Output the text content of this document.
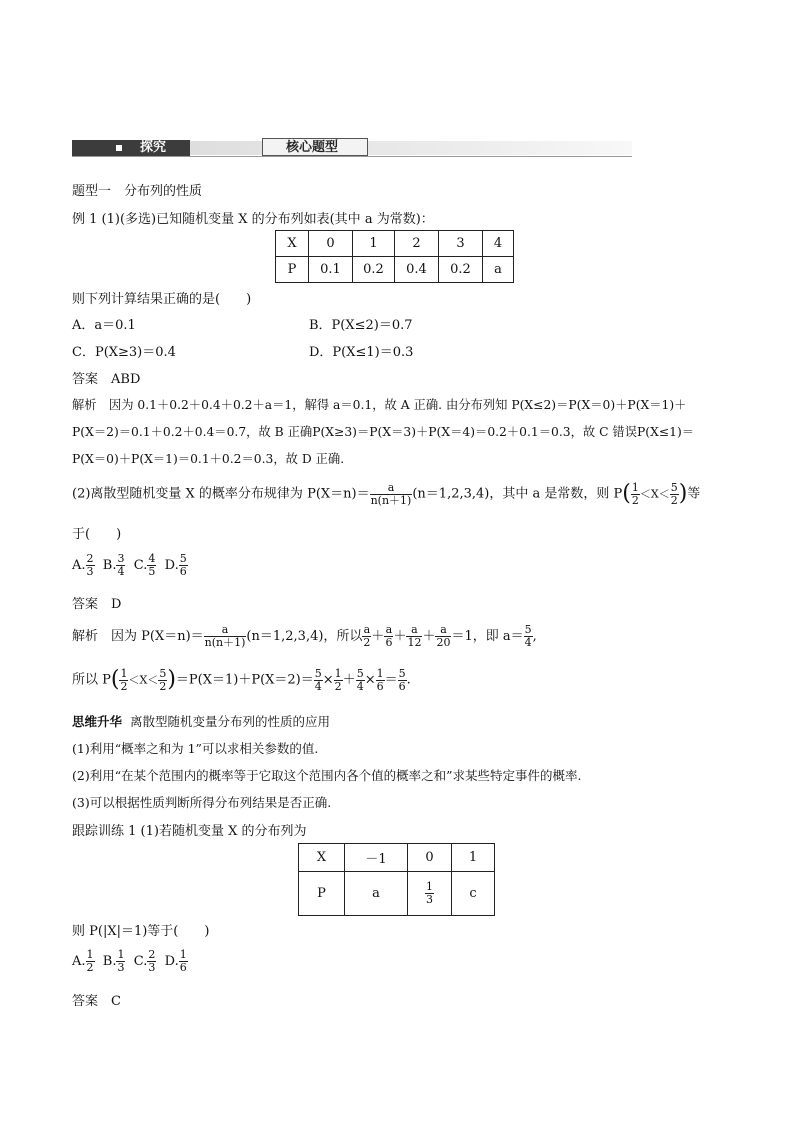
探究	核心题型
题型一　分布列的性质
例 1 (1)(多选)已知随机变量 X 的分布列如表(其中 a 为常数)：
X	0	1	2	3	4
P	0.1	0.2	0.4	0.2	a
则下列计算结果正确的是(　　)
A．a＝0.1	B．P(X≤2)＝0.7
C．P(X≥3)＝0.4	D．P(X≤1)＝0.3
答案　ABD
解析　因为 0.1＋0.2＋0.4＋0.2＋a＝1，解得 a＝0.1，故 A 正确. 由分布列知 P(X≤2)＝P(X＝0)＋P(X＝1)＋
P(X＝2)＝0.1＋0.2＋0.4＝0.7，故 B 正确P(X≥3)＝P(X＝3)＋P(X＝4)＝0.2＋0.1＝0.3，故 C 错误P(X≤1)＝
P(X＝0)＋P(X＝1)＝0.1＋0.2＝0.3，故 D 正确.
(2)离散型随机变量 X 的概率分布规律为 $P(X=n)= \frac{a}{n(n+1)} (n=1,2,3,4)$，其中 a 是常数，则 $P( \frac{1}{2} <X< \frac{5}{2}$ )等
于(　　)
A. $\frac{2}{3} B$. $\frac{3}{4} C$. $\frac{4}{5} D$. $\frac{5}{6}$
答案　D
解析　因为 $P(X=n)= \frac{a}{n(n+1)} (n=1,2,3,4)$，所以 $\frac{a}{2} + \frac{a}{6} + \frac{a}{12} + \frac{a}{20} =1$，即 $a= \frac{5}{4}$ ,
所以 $P( \frac{1}{2} <X< \frac{5}{2} )=P(X=1)+P(X=2)= \frac{5}{4} \times \frac{1}{2} + \frac{5}{4} \times \frac{1}{6} = \frac{5}{6}$ .
思维升华 离散型随机变量分布列的性质的应用
(1)利用“概率之和为 1”可以求相关参数的值.
(2)利用“在某个范围内的概率等于它取这个范围内各个值的概率之和”求某些特定事件的概率.
(3)可以根据性质判断所得分布列结果是否正确.
跟踪训练 1 (1)若随机变量 X 的分布列为
X	－1	0	1
P	a	$\frac{1}{3}$	c
则 P(|X|＝1)等于(　　)
A. $\frac{1}{2} B$. $\frac{1}{3} C$. $\frac{2}{3} D$. $\frac{1}{6}$
答案　C
